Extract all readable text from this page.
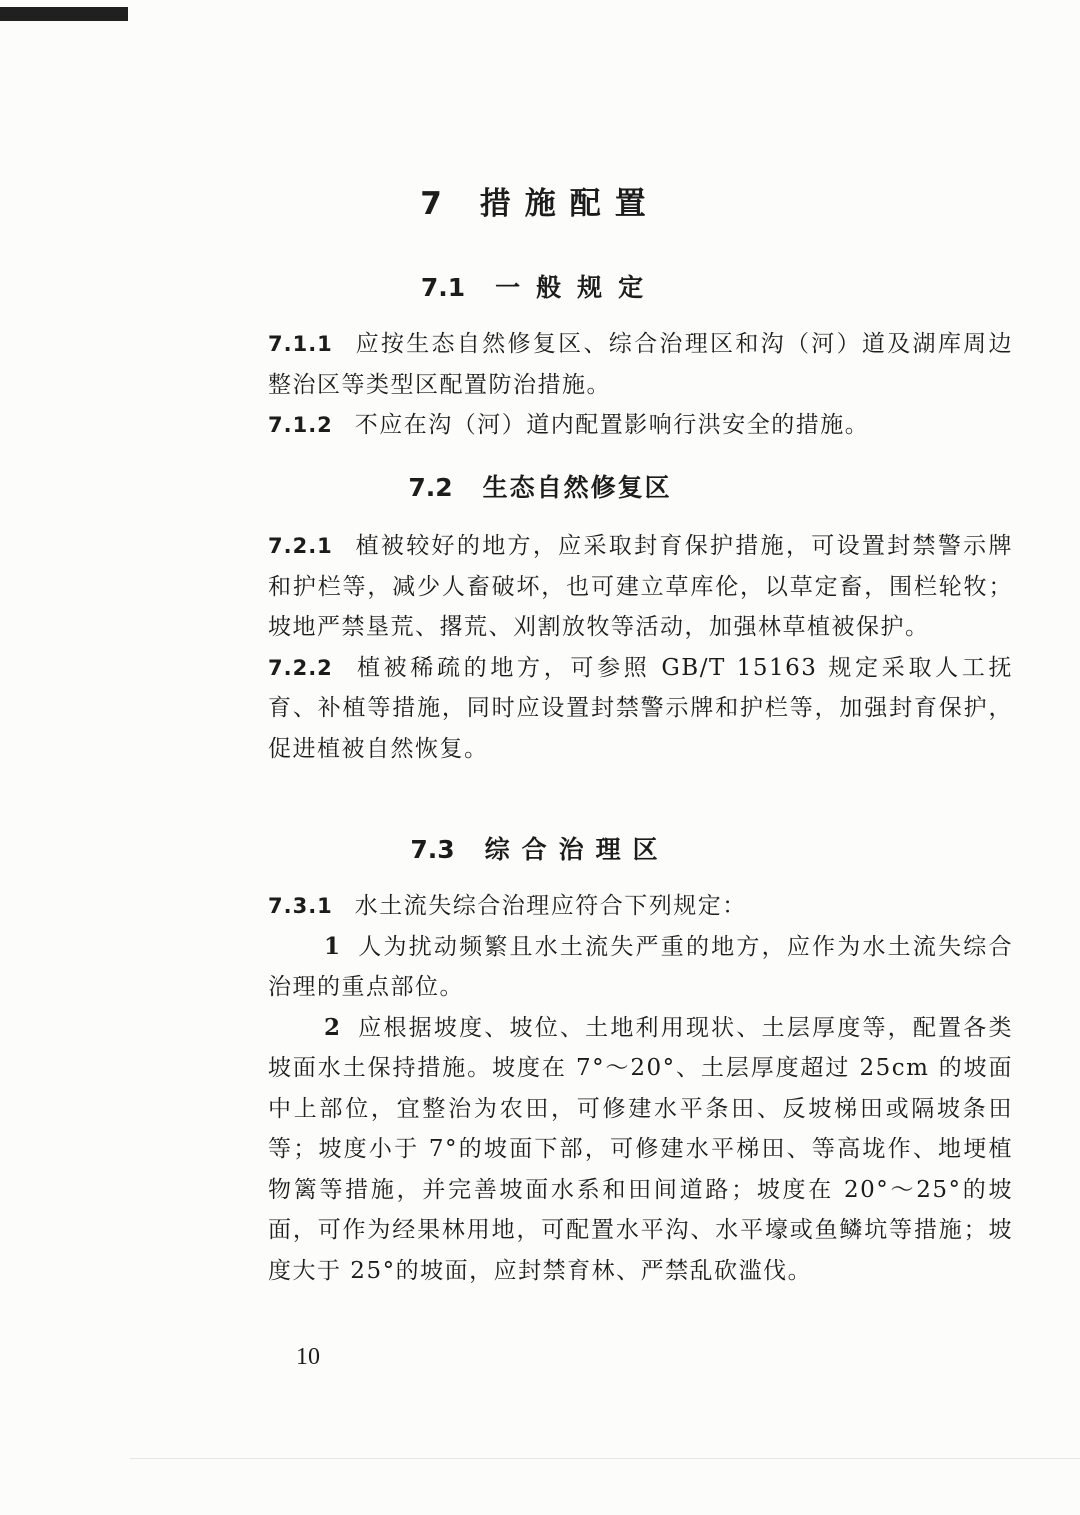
7 措施配置
7.1 一般规定

7.1.1 应按生态自然修复区、综合治理区和沟（河）道及湖库周边整治区等类型区配置防治措施。

7.1.2 不应在沟（河）道内配置影响行洪安全的措施。

7.2 生态自然修复区

7.2.1 植被较好的地方，应采取封育保护措施，可设置封禁警示牌和护栏等，减少人畜破坏，也可建立草库伦，以草定畜，围栏轮牧；坡地严禁垦荒、撂荒、刈割放牧等活动，加强林草植被保护。

7.2.2 植被稀疏的地方，可参照 GB/T 15163 规定采取人工抚育、补植等措施，同时应设置封禁警示牌和护栏等，加强封育保护，促进植被自然恢复。

7.3 综合治理区

7.3.1 水土流失综合治理应符合下列规定：

1 人为扰动频繁且水土流失严重的地方，应作为水土流失综合治理的重点部位。

2 应根据坡度、坡位、土地利用现状、土层厚度等，配置各类坡面水土保持措施。坡度在 7°～20°、土层厚度超过 25cm 的坡面中上部位，宜整治为农田，可修建水平条田、反坡梯田或隔坡条田等；坡度小于 7°的坡面下部，可修建水平梯田、等高垅作、地埂植物篱等措施，并完善坡面水系和田间道路；坡度在 20°～25°的坡面，可作为经果林用地，可配置水平沟、水平壕或鱼鳞坑等措施；坡度大于 25°的坡面，应封禁育林、严禁乱砍滥伐。

10
